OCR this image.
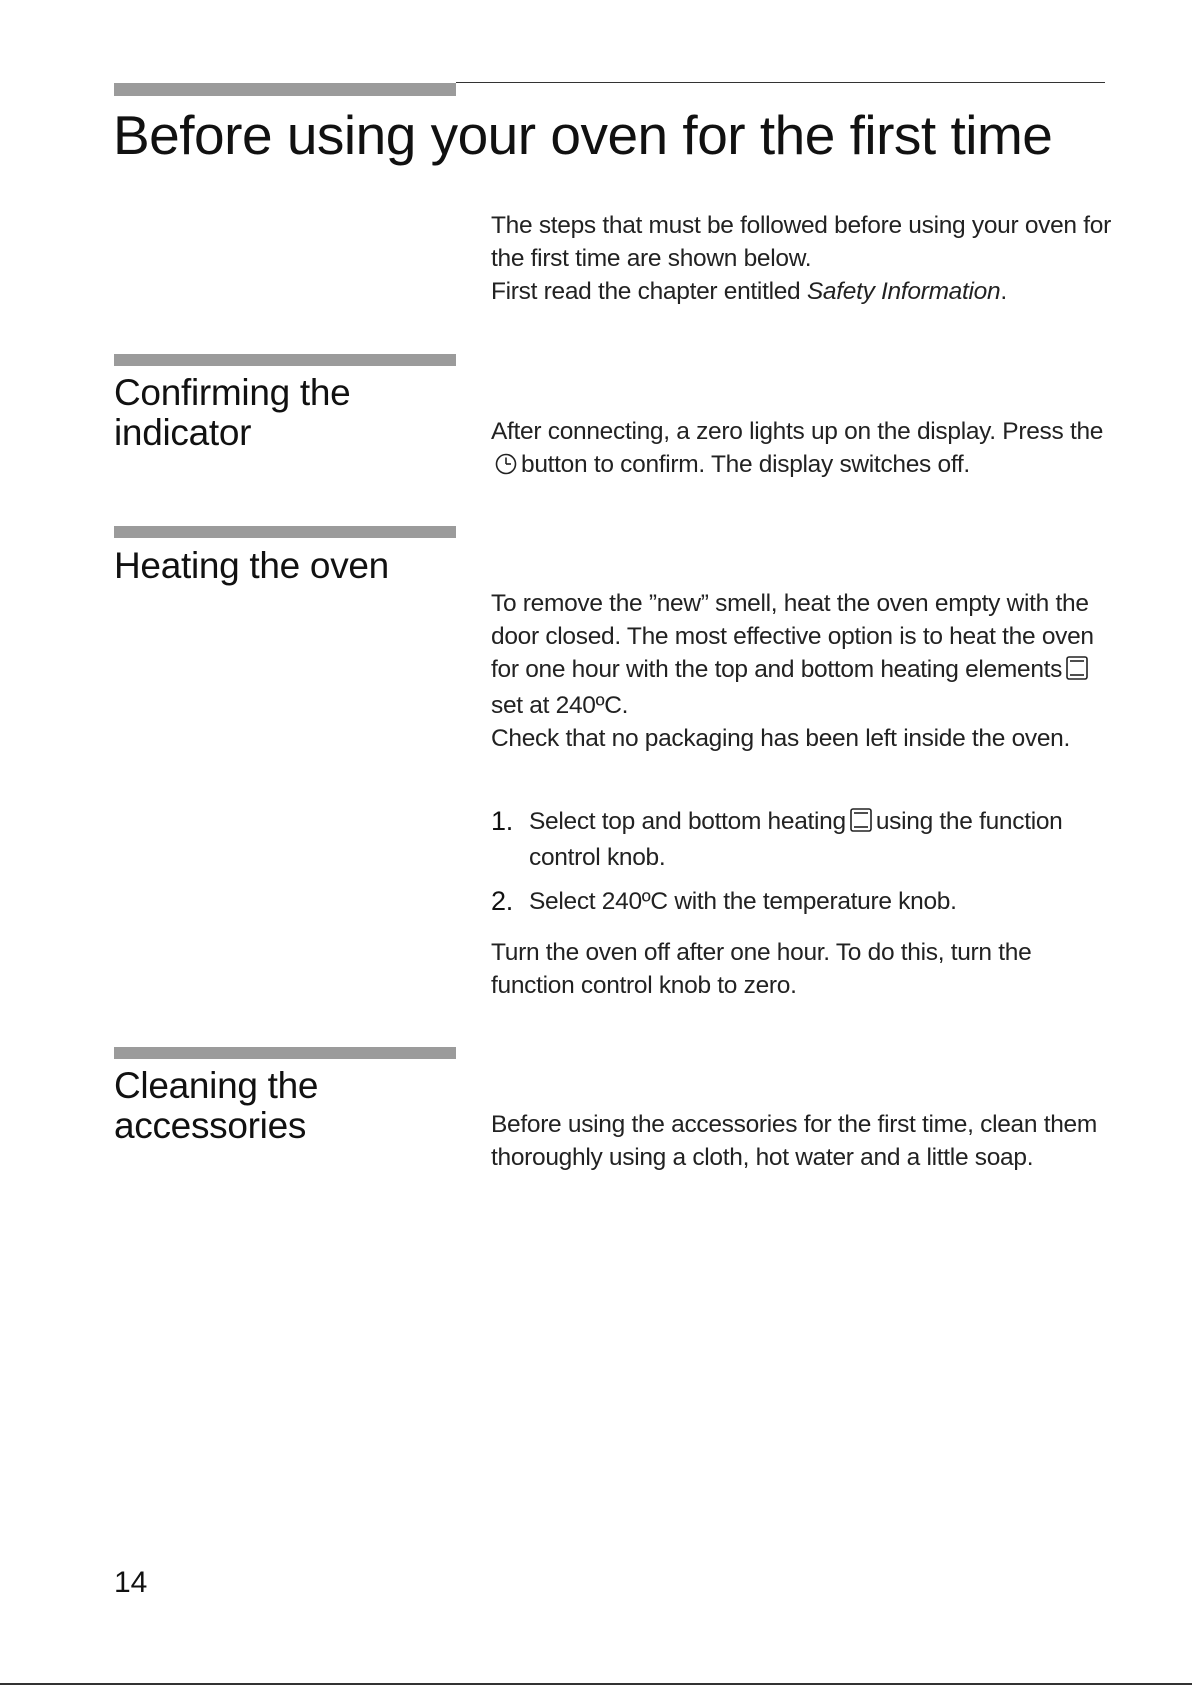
Before using your oven for the first time

The steps that must be followed before using your oven for the first time are shown below.

First read the chapter entitled Safety Information.

Confirming the indicator	After connecting, a zero lights up on the display. Press thebutton to confirm. The display switches off.

Heating the oven

To remove the ”new” smell, heat the oven empty with the door closed. The most effective option is to heat the oven for one hour with the top and bottom heating elementsset at 240ºC.

Check that no packaging has been left inside the oven.

1. Select top and bottom heating using the function control knob.
2. Select 240ºC with the temperature knob.
Turn the oven off after one hour. To do this, turn the function control knob to zero.
Cleaning the accessories	Before using the accessories for the first time, clean them thoroughly using a cloth, hot water and a little soap.
14
